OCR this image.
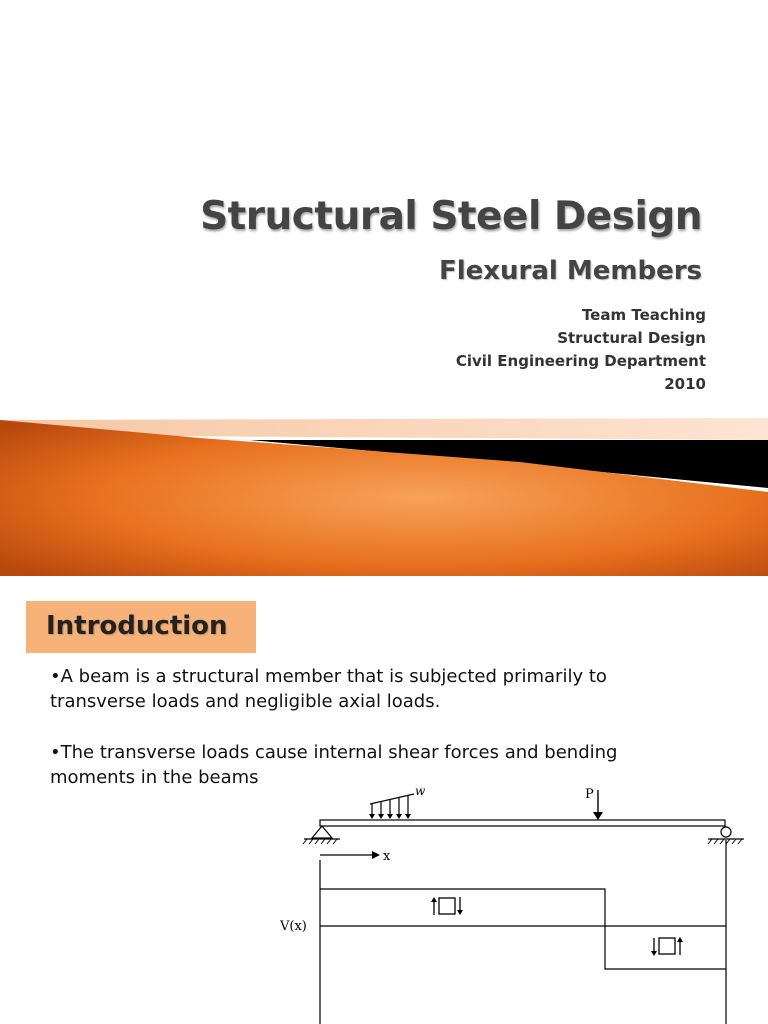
Structural Steel Design
Flexural Members
Team Teaching
Structural Design
Civil Engineering Department
2010
Introduction

•A beam is a structural member that is subjected primarily to transverse loads and negligible axial loads.

•The transverse loads cause internal shear forces and bending moments in the beams

w	P
x
V(x)
